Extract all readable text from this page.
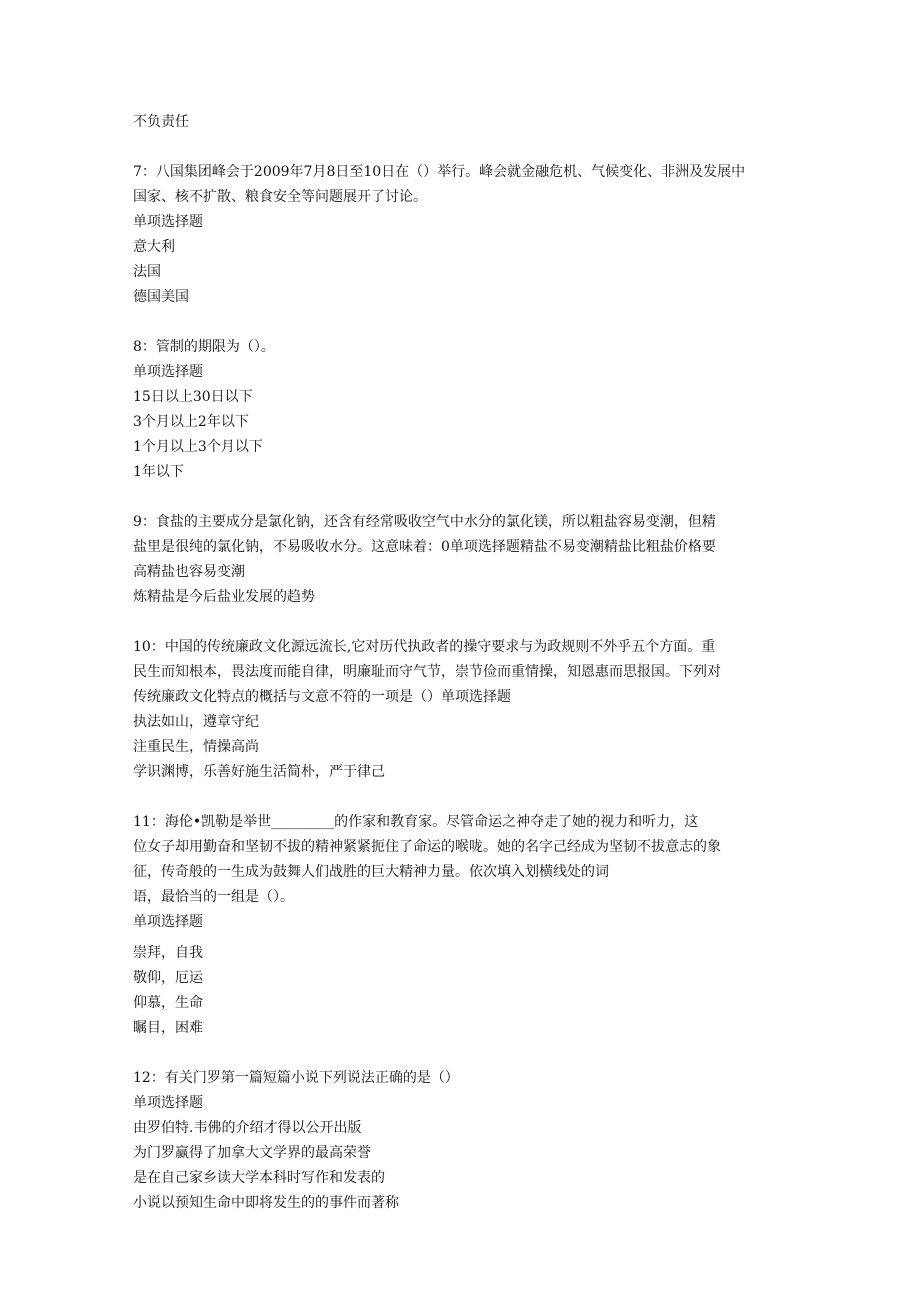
不负责任
7：八国集团峰会于2009年7月8日至10日在（）举行。峰会就金融危机、气候变化、非洲及发展中
国家、核不扩散、粮食安全等问题展开了讨论。
单项选择题
意大利
法国
德国美国
8：管制的期限为（）。
单项选择题
15日以上30日以下
3个月以上2年以下
1个月以上3个月以下
1年以下
9：食盐的主要成分是氯化钠，还含有经常吸收空气中水分的氯化镁，所以粗盐容易变潮，但精
盐里是很纯的氯化钠，不易吸收水分。这意味着：0单项选择题精盐不易变潮精盐比粗盐价格要
高精盐也容易变潮
炼精盐是今后盐业发展的趋势
10：中国的传统廉政文化源远流长,它对历代执政者的操守要求与为政规则不外乎五个方面。重
民生而知根本，畏法度而能自律，明廉耻而守气节，崇节俭而重情操，知恩惠而思报国。下列对
传统廉政文化特点的概括与文意不符的一项是（）单项选择题
执法如山，遵章守纪
注重民生，情操高尚
学识渊博，乐善好施生活简朴，严于律己
11：海伦•凯勒是举世_________的作家和教育家。尽管命运之神夺走了她的视力和听力，这
位女子却用勤奋和坚韧不拔的精神紧紧扼住了命运的喉咙。她的名字己经成为坚韧不拔意志的象
征，传奇般的一生成为鼓舞人们战胜的巨大精神力量。依次填入划横线处的词
语，最恰当的一组是（）。
单项选择题
崇拜，自我
敬仰，厄运
仰慕，生命
瞩目，困难
12：有关门罗第一篇短篇小说下列说法正确的是（）
单项选择题
由罗伯特.韦佛的介绍才得以公开出版
为门罗赢得了加拿大文学界的最高荣誉
是在自己家乡读大学本科时写作和发表的
小说以预知生命中即将发生的的事件而著称
